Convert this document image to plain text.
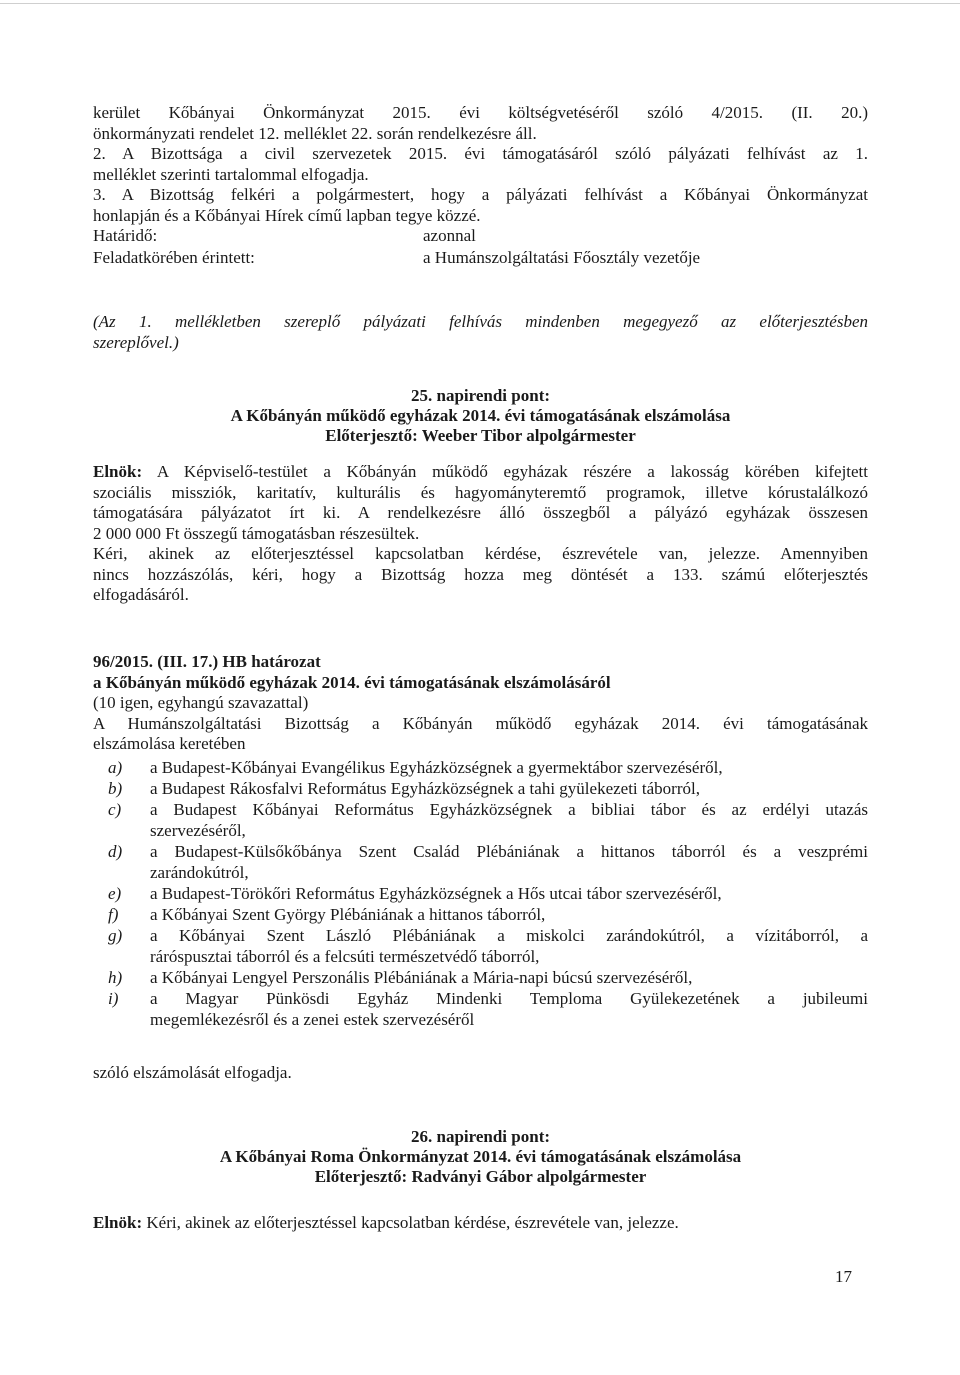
kerület Kőbányai Önkormányzat 2015. évi költségvetéséről szóló 4/2015. (II. 20.)
önkormányzati rendelet 12. melléklet 22. során rendelkezésre áll.
2. A Bizottsága a civil szervezetek 2015. évi támogatásáról szóló pályázati felhívást az 1.
melléklet szerinti tartalommal elfogadja.
3. A Bizottság felkéri a polgármestert, hogy a pályázati felhívást a Kőbányai Önkormányzat
honlapján és a Kőbányai Hírek című lapban tegye közzé.
Határidő:	azonnal
Feladatkörében érintett:	a Humánszolgáltatási Főosztály vezetője
(Az 1. mellékletben szereplő pályázati felhívás mindenben megegyező az előterjesztésben
szereplővel.)
25. napirendi pont:
A Kőbányán működő egyházak 2014. évi támogatásának elszámolása
Előterjesztő: Weeber Tibor alpolgármester
Elnök: A Képviselő-testület a Kőbányán működő egyházak részére a lakosság körében kifejtett
szociális missziók, karitatív, kulturális és hagyományteremtő programok, illetve kórustalálkozó
támogatására pályázatot írt ki. A rendelkezésre álló összegből a pályázó egyházak összesen
2 000 000 Ft összegű támogatásban részesültek.
Kéri, akinek az előterjesztéssel kapcsolatban kérdése, észrevétele van, jelezze. Amennyiben
nincs hozzászólás, kéri, hogy a Bizottság hozza meg döntését a 133. számú előterjesztés
elfogadásáról.
96/2015. (III. 17.) HB határozat
a Kőbányán működő egyházak 2014. évi támogatásának elszámolásáról
(10 igen, egyhangú szavazattal)
A Humánszolgáltatási Bizottság a Kőbányán működő egyházak 2014. évi támogatásának
elszámolása keretében
a) a Budapest-Kőbányai Evangélikus Egyházközségnek a gyermektábor szervezéséről,
b) a Budapest Rákosfalvi Református Egyházközségnek a tahi gyülekezeti táborról,
c) a Budapest Kőbányai Református Egyházközségnek a bibliai tábor és az erdélyi utazás
szervezéséről,
d) a Budapest-Külsőkőbánya Szent Család Plébániának a hittanos táborról és a veszprémi
zarándokútról,
e) a Budapest-Törökőri Református Egyházközségnek a Hős utcai tábor szervezéséről,
f) a Kőbányai Szent György Plébániának a hittanos táborról,
g) a Kőbányai Szent László Plébániának a miskolci zarándokútról, a vízitáborról, a
ráróspusztai táborról és a felcsúti természetvédő táborról,
h) a Kőbányai Lengyel Perszonális Plébániának a Mária-napi búcsú szervezéséről,
i) a Magyar Pünkösdi Egyház Mindenki Temploma Gyülekezetének a jubileumi
megemlékezésről és a zenei estek szervezéséről
szóló elszámolását elfogadja.
26. napirendi pont:
A Kőbányai Roma Önkormányzat 2014. évi támogatásának elszámolása
Előterjesztő: Radványi Gábor alpolgármester
Elnök: Kéri, akinek az előterjesztéssel kapcsolatban kérdése, észrevétele van, jelezze.
17
